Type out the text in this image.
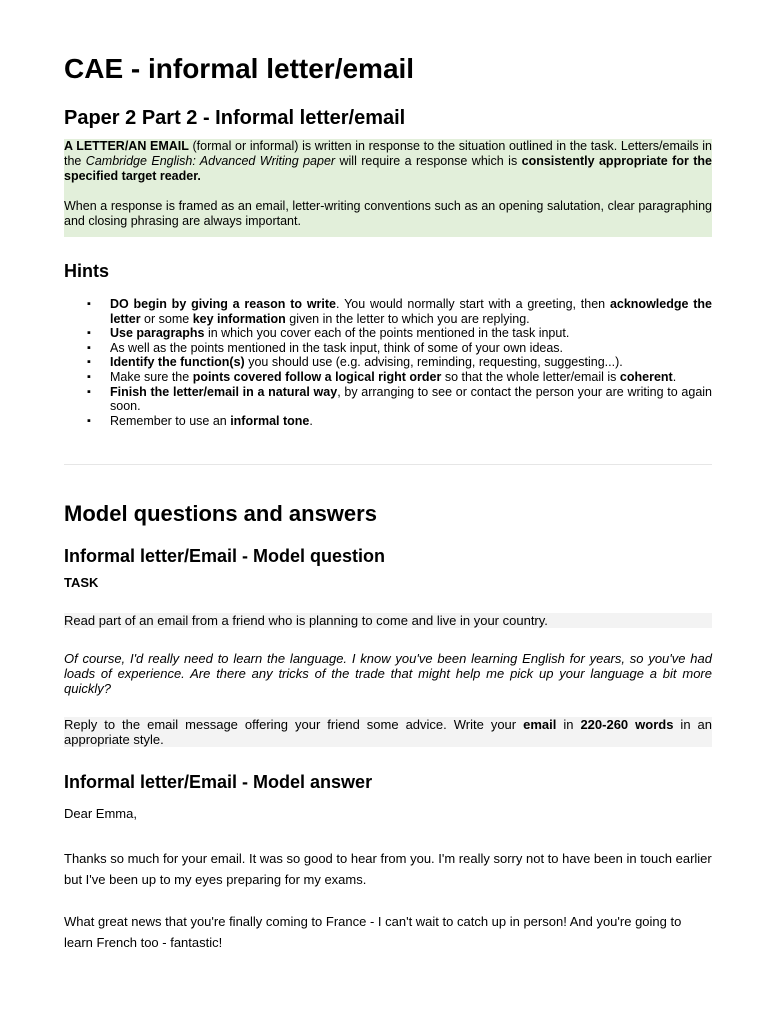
CAE - informal letter/email
Paper 2 Part 2 - Informal letter/email

A LETTER/AN EMAIL (formal or informal) is written in response to the situation outlined in the task. Letters/emails in the Cambridge English: Advanced Writing paper will require a response which is consistently appropriate for the specified target reader.

When a response is framed as an email, letter-writing conventions such as an opening salutation, clear paragraphing and closing phrasing are always important.

Hints
▪ DO begin by giving a reason to write. You would normally start with a greeting, then acknowledge the letter or some key information given in the letter to which you are replying.
▪ Use paragraphs in which you cover each of the points mentioned in the task input.
▪ As well as the points mentioned in the task input, think of some of your own ideas.
▪ Identify the function(s) you should use (e.g. advising, reminding, requesting, suggesting...).
▪ Make sure the points covered follow a logical right order so that the whole letter/email is coherent.
▪ Finish the letter/email in a natural way, by arranging to see or contact the person your are writing to again soon.
▪ Remember to use an informal tone.
Model questions and answers
Informal letter/Email - Model question
TASK

Read part of an email from a friend who is planning to come and live in your country.

Of course, I'd really need to learn the language. I know you've been learning English for years, so you've had loads of experience. Are there any tricks of the trade that might help me pick up your language a bit more quickly?

Reply to the email message offering your friend some advice. Write your email in 220-260 words in an appropriate style.

Informal letter/Email - Model answer

Dear Emma,

Thanks so much for your email. It was so good to hear from you. I'm really sorry not to have been in touch earlier but I've been up to my eyes preparing for my exams.

What great news that you're finally coming to France - I can't wait to catch up in person! And you're going to learn French too - fantastic!
